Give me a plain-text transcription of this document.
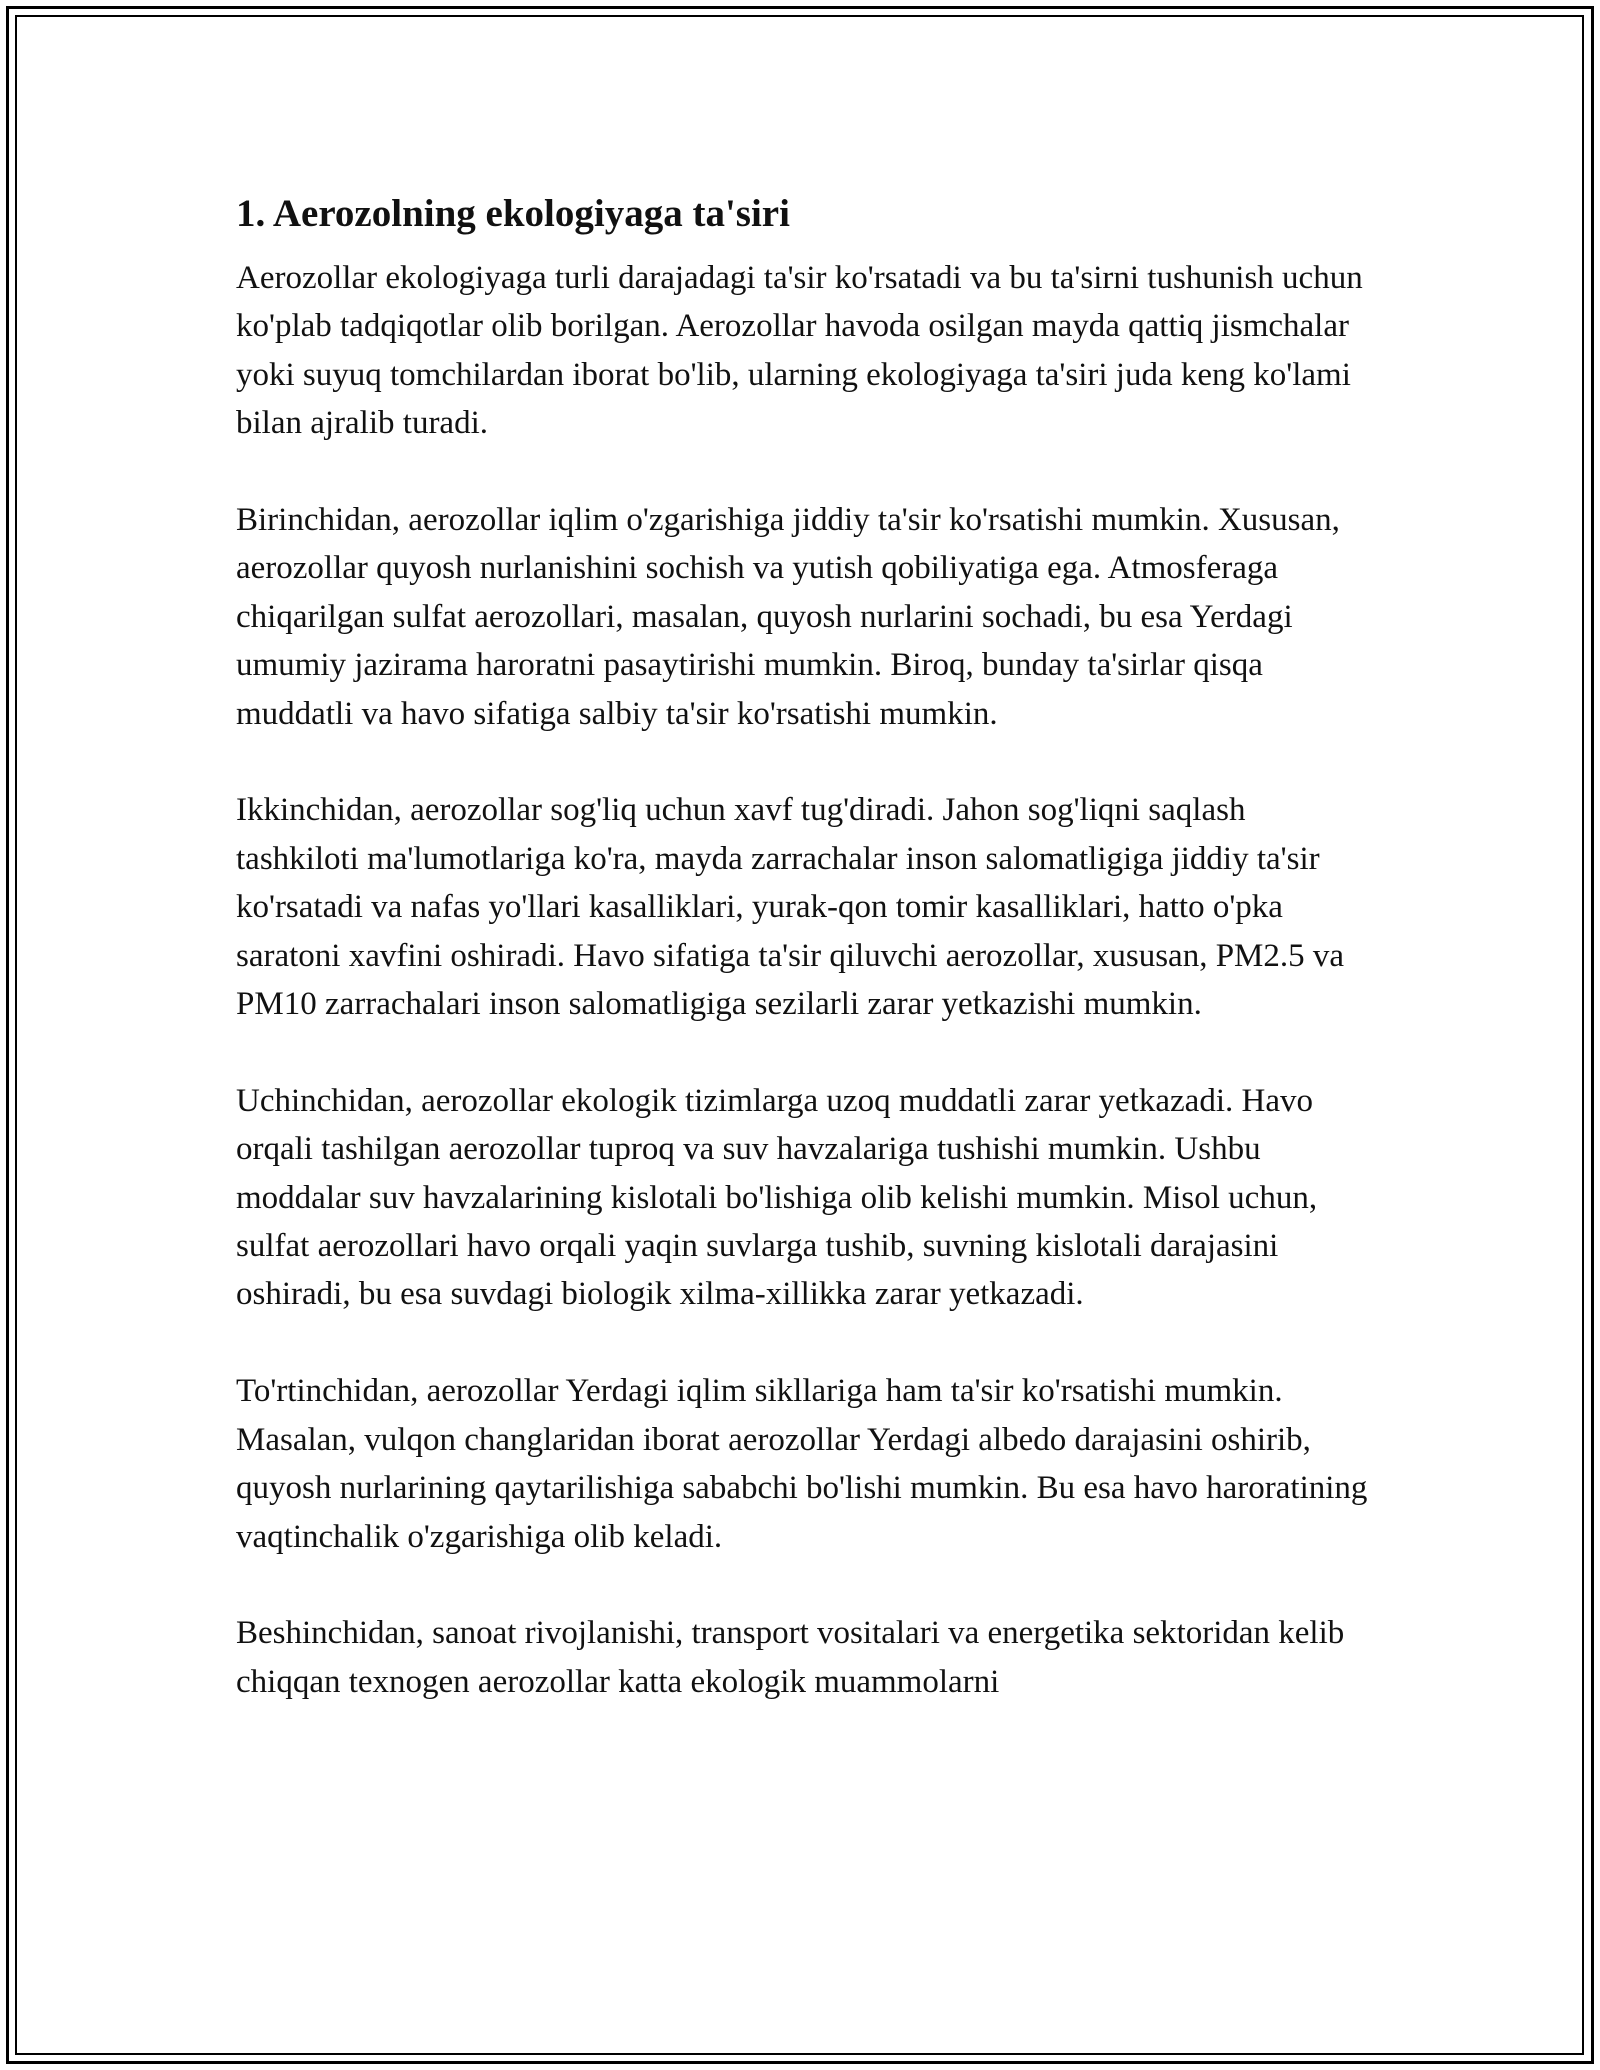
1. Aerozolning ekologiyaga ta'siri

Aerozollar ekologiyaga turli darajadagi ta'sir ko'rsatadi va bu ta'sirni tushunish uchun ko'plab tadqiqotlar olib borilgan. Aerozollar havoda osilgan mayda qattiq jismchalar yoki suyuq tomchilardan iborat bo'lib, ularning ekologiyaga ta'siri juda keng ko'lami bilan ajralib turadi.

Birinchidan, aerozollar iqlim o'zgarishiga jiddiy ta'sir ko'rsatishi mumkin. Xususan, aerozollar quyosh nurlanishini sochish va yutish qobiliyatiga ega. Atmosferaga chiqarilgan sulfat aerozollari, masalan, quyosh nurlarini sochadi, bu esa Yerdagi umumiy jazirama haroratni pasaytirishi mumkin. Biroq, bunday ta'sirlar qisqa muddatli va havo sifatiga salbiy ta'sir ko'rsatishi mumkin.

Ikkinchidan, aerozollar sog'liq uchun xavf tug'diradi. Jahon sog'liqni saqlash tashkiloti ma'lumotlariga ko'ra, mayda zarrachalar inson salomatligiga jiddiy ta'sir ko'rsatadi va nafas yo'llari kasalliklari, yurak-qon tomir kasalliklari, hatto o'pka saratoni xavfini oshiradi. Havo sifatiga ta'sir qiluvchi aerozollar, xususan, PM2.5 va PM10 zarrachalari inson salomatligiga sezilarli zarar yetkazishi mumkin.

Uchinchidan, aerozollar ekologik tizimlarga uzoq muddatli zarar yetkazadi. Havo orqali tashilgan aerozollar tuproq va suv havzalariga tushishi mumkin. Ushbu moddalar suv havzalarining kislotali bo'lishiga olib kelishi mumkin. Misol uchun, sulfat aerozollari havo orqali yaqin suvlarga tushib, suvning kislotali darajasini oshiradi, bu esa suvdagi biologik xilma-xillikka zarar yetkazadi.

To'rtinchidan, aerozollar Yerdagi iqlim sikllariga ham ta'sir ko'rsatishi mumkin. Masalan, vulqon changlaridan iborat aerozollar Yerdagi albedo darajasini oshirib, quyosh nurlarining qaytarilishiga sababchi bo'lishi mumkin. Bu esa havo haroratining vaqtinchalik o'zgarishiga olib keladi.

Beshinchidan, sanoat rivojlanishi, transport vositalari va energetika sektoridan kelib chiqqan texnogen aerozollar katta ekologik muammolarni
